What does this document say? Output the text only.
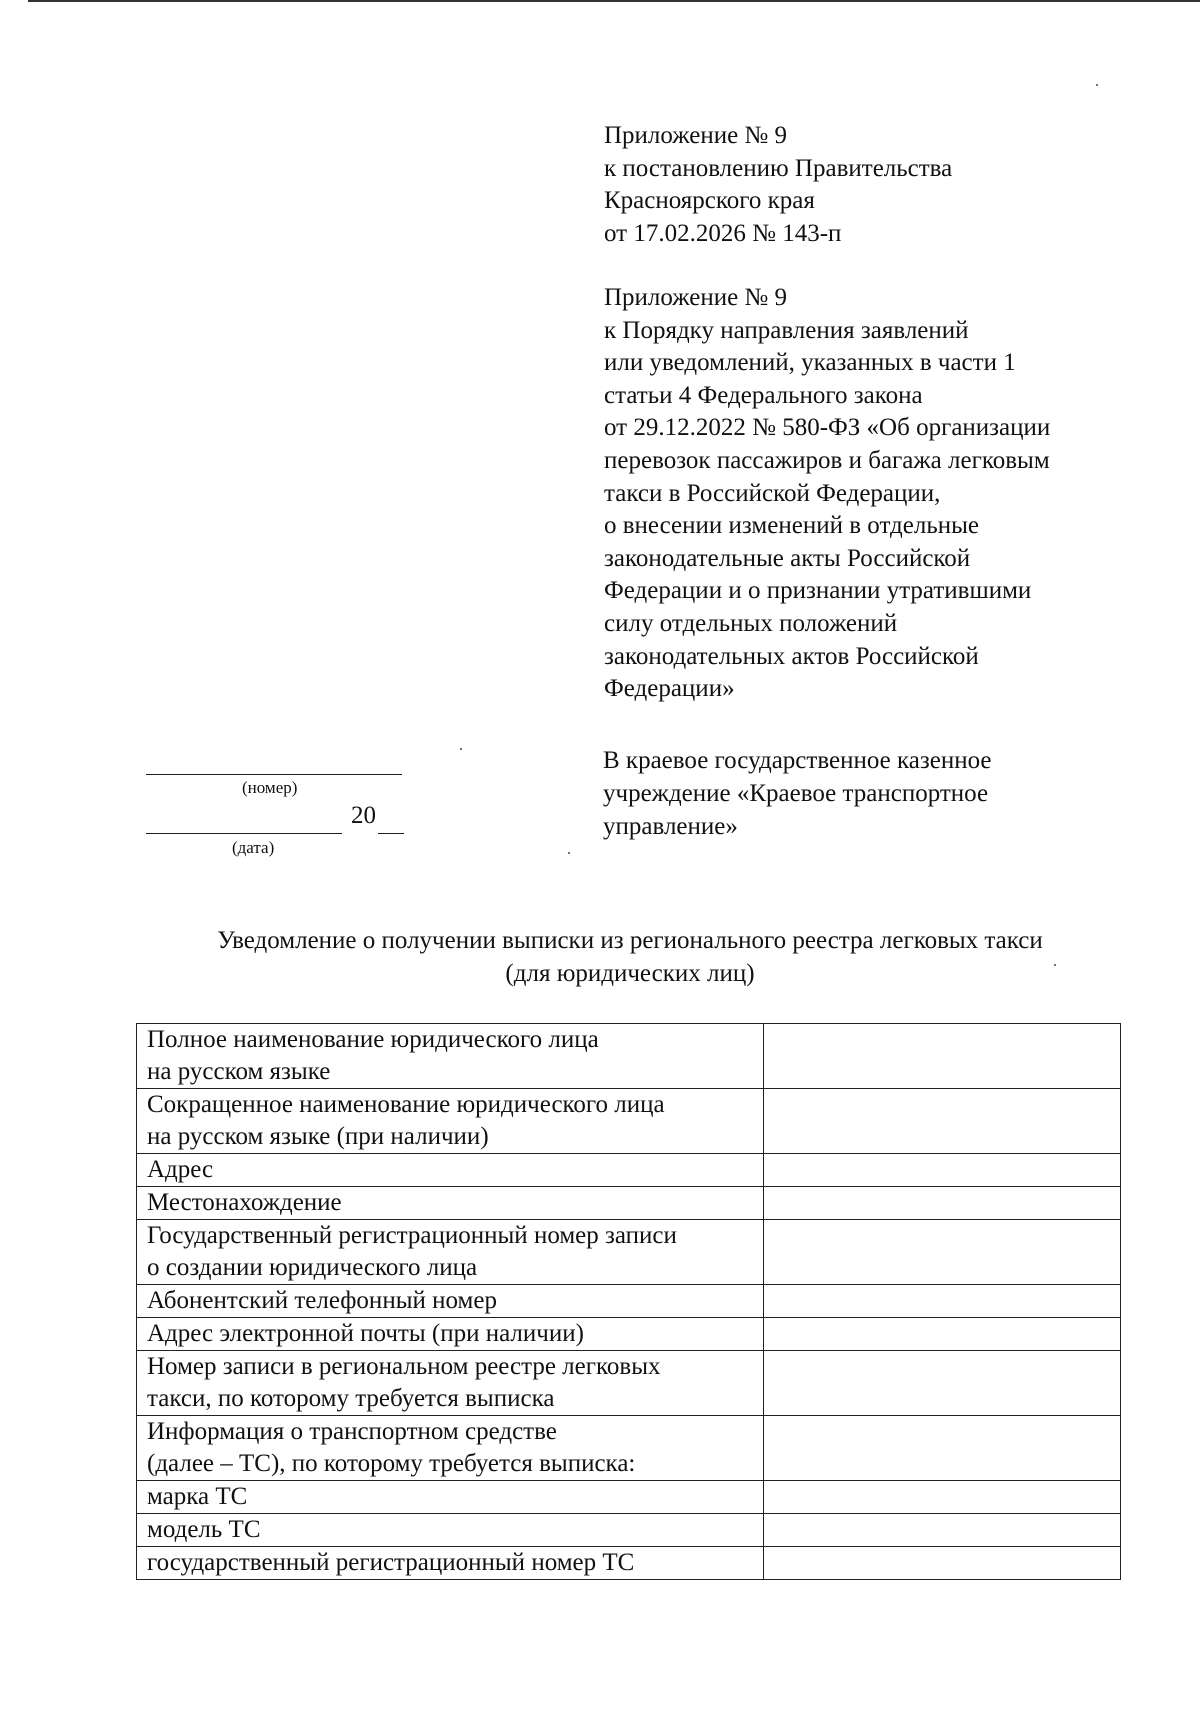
Приложение № 9
к постановлению Правительства
Красноярского края
от 17.02.2026 № 143-п
Приложение № 9
к Порядку направления заявлений
или уведомлений, указанных в части 1
статьи 4 Федерального закона
от 29.12.2022 № 580-ФЗ «Об организации
перевозок пассажиров и багажа легковым
такси в Российской Федерации,
о внесении изменений в отдельные
законодательные акты Российской
Федерации и о признании утратившими
силу отдельных положений
законодательных актов Российской
Федерации»
(номер)
20
(дата)
В краевое государственное казенное
учреждение «Краевое транспортное
управление»
Уведомление о получении выписки из регионального реестра легковых такси
(для юридических лиц)
Полное наименование юридического лица
на русском языке	

Сокращенное наименование юридического лица
на русском языке (при наличии)	

Адрес	

Местонахождение	

Государственный регистрационный номер записи
о создании юридического лица	

Абонентский телефонный номер	

Адрес электронной почты (при наличии)	

Номер записи в региональном реестре легковых
такси, по которому требуется выписка	

Информация о транспортном средстве
(далее – ТС), по которому требуется выписка:	

марка ТС	

модель ТС	

государственный регистрационный номер ТС	
